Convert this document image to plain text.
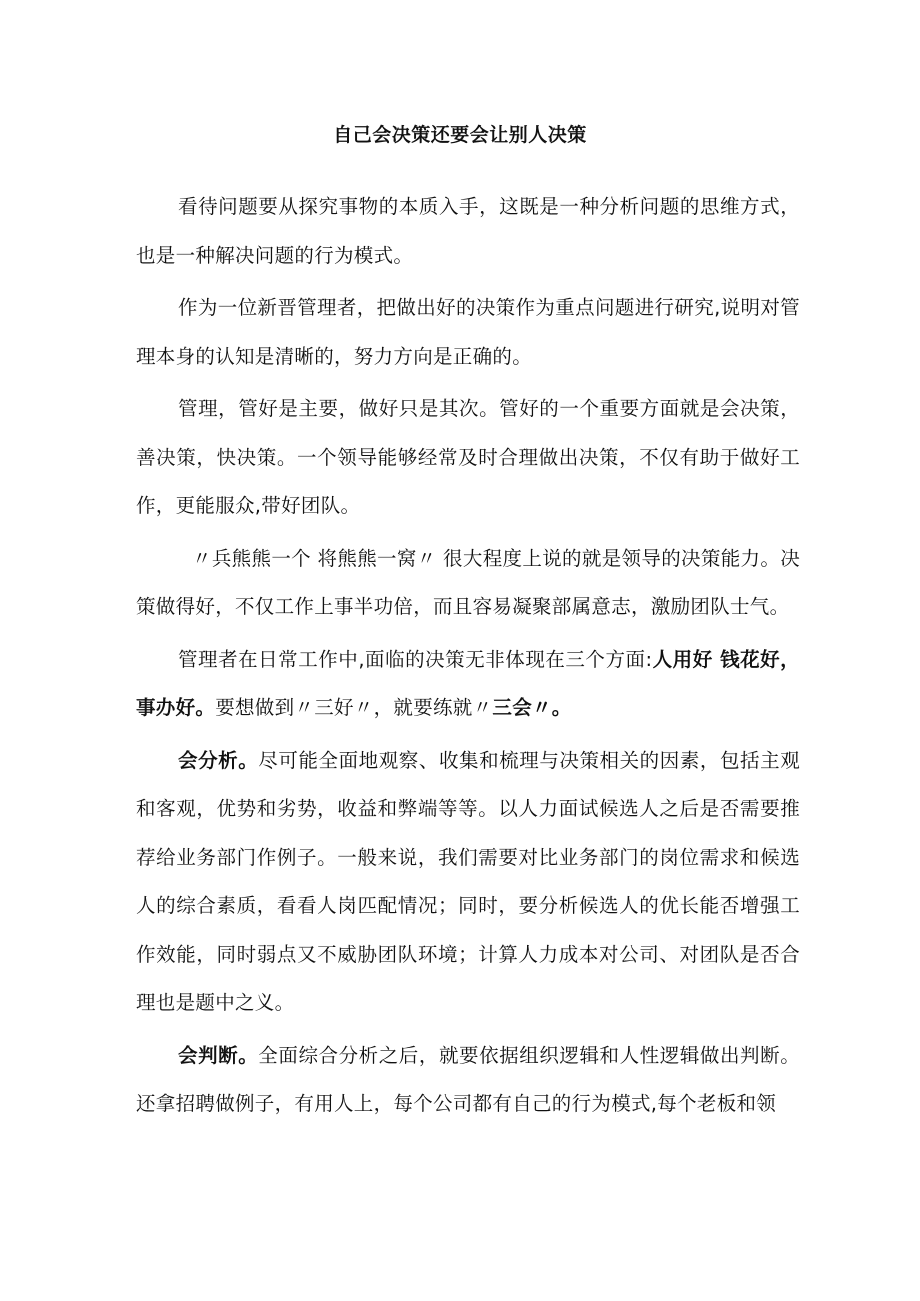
自己会决策还要会让别人决策

看待问题要从探究事物的本质入手，这既是一种分析问题的思维方式，也是一种解决问题的行为模式。

作为一位新晋管理者，把做出好的决策作为重点问题进行研究,说明对管理本身的认知是清晰的，努力方向是正确的。

管理，管好是主要，做好只是其次。管好的一个重要方面就是会决策，善决策，快决策。一个领导能够经常及时合理做出决策，不仅有助于做好工作，更能服众,带好团队。

〃兵熊熊一个 将熊熊一窝〃 很大程度上说的就是领导的决策能力。决策做得好，不仅工作上事半功倍，而且容易凝聚部属意志，激励团队士气。

管理者在日常工作中,面临的决策无非体现在三个方面:人用好 钱花好，事办好。要想做到〃三好〃，就要练就〃三会〃。

会分析。尽可能全面地观察、收集和梳理与决策相关的因素，包括主观和客观，优势和劣势，收益和弊端等等。以人力面试候选人之后是否需要推荐给业务部门作例子。一般来说，我们需要对比业务部门的岗位需求和候选人的综合素质，看看人岗匹配情况；同时，要分析候选人的优长能否增强工作效能，同时弱点又不威胁团队环境；计算人力成本对公司、对团队是否合理也是题中之义。

会判断。全面综合分析之后，就要依据组织逻辑和人性逻辑做出判断。还拿招聘做例子，有用人上，每个公司都有自己的行为模式,每个老板和领
